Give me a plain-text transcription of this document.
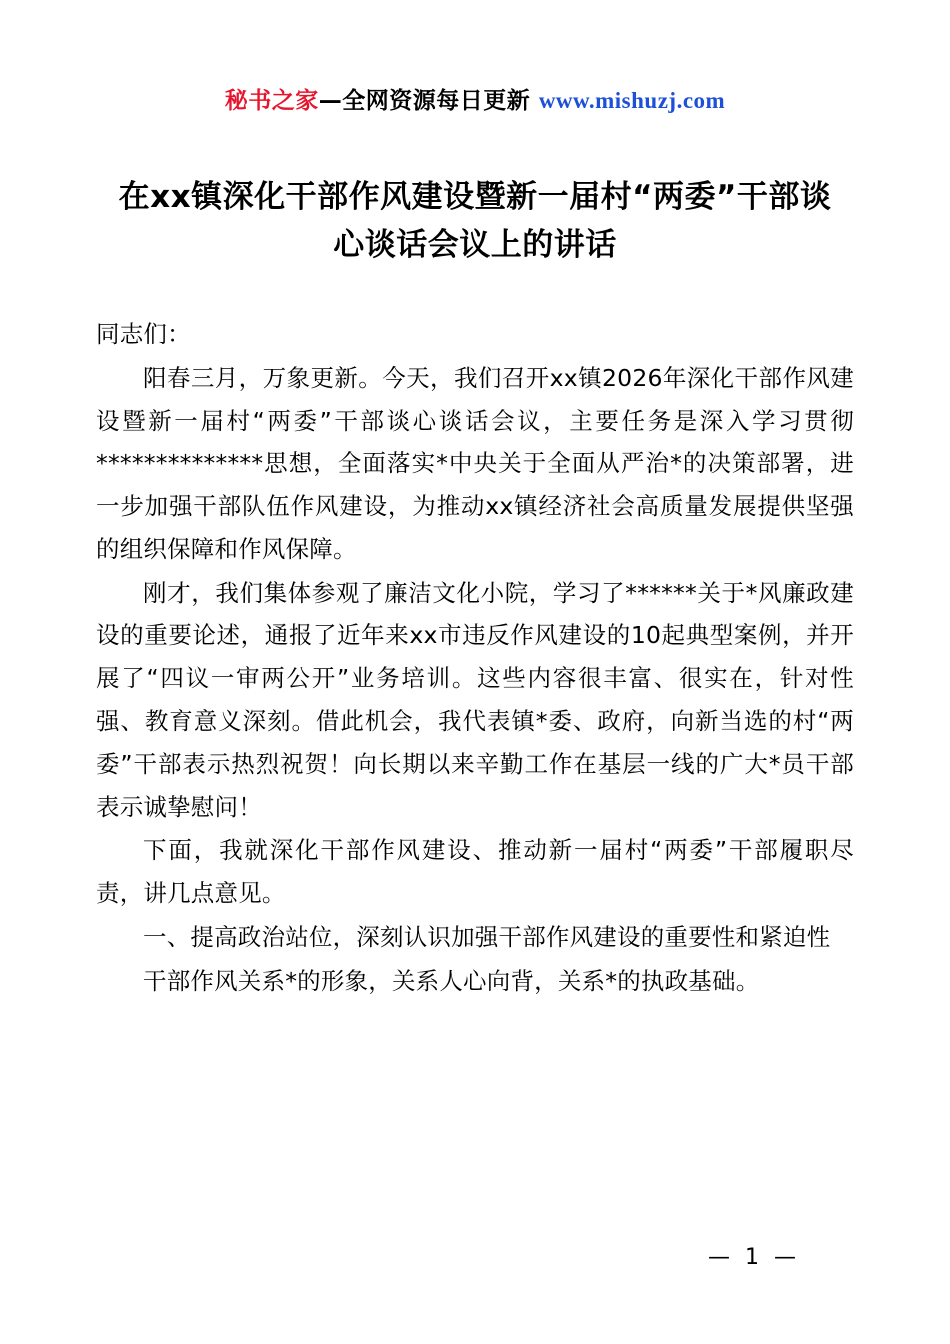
秘书之家—全网资源每日更新 www.mishuzj.com
在xx镇深化干部作风建设暨新一届村“两委”干部谈心谈话会议上的讲话

同志们：

阳春三月，万象更新。今天，我们召开xx镇2026年深化干部作风建设暨新一届村“两委”干部谈心谈话会议，主要任务是深入学习贯彻**************思想，全面落实*中央关于全面从严治*的决策部署，进一步加强干部队伍作风建设，为推动xx镇经济社会高质量发展提供坚强的组织保障和作风保障。

刚才，我们集体参观了廉洁文化小院，学习了******关于*风廉政建设的重要论述，通报了近年来xx市违反作风建设的10起典型案例，并开展了“四议一审两公开”业务培训。这些内容很丰富、很实在，针对性强、教育意义深刻。借此机会，我代表镇*委、政府，向新当选的村“两委”干部表示热烈祝贺！向长期以来辛勤工作在基层一线的广大*员干部表示诚挚慰问！

下面，我就深化干部作风建设、推动新一届村“两委”干部履职尽责，讲几点意见。

一、提高政治站位，深刻认识加强干部作风建设的重要性和紧迫性

干部作风关系*的形象，关系人心向背，关系*的执政基础。

— 1 —
